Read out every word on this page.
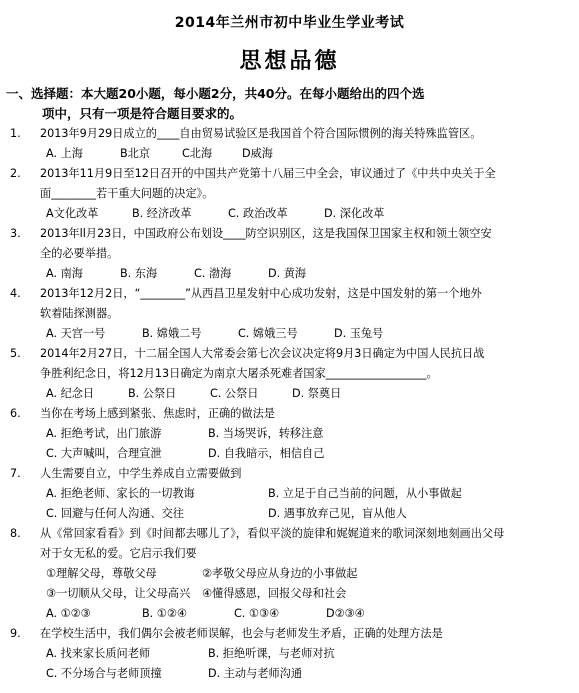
2014年兰州市初中毕业生学业考试
思想品德
一、选择题：本大题20小题，每小题2分，共40分。在每小题给出的四个选
项中，只有一项是符合题目要求的。
1. 2013年9月29日成立的____自由贸易试验区是我国首个符合国际惯例的海关特殊监管区。
A. 上海	B北京	C北海	D威海
2. 2013年11月9日至12日召开的中国共产党第十八届三中全会，审议通过了《中共中央关于全
面________若干重大问题的决定》。
A文化改革	B. 经济改革	C. 政治改革	D. 深化改革
3. 2013年ll月23日，中国政府公布划设____防空识别区，这是我国保卫国家主权和领土领空安
全的必要举措。
A. 南海	B. 东海	C. 渤海	D. 黄海
4. 2013年12月2日，“________”从西昌卫星发射中心成功发射，这是中国发射的第一个地外
软着陆探测器。
A. 天宫一号	B. 嫦娥二号	C. 嫦娥三号	D. 玉兔号
5. 2014年2月27日，十二届全国人大常委会第七次会议决定将9月3日确定为中国人民抗日战
争胜利纪念日，将12月13日确定为南京大屠杀死难者国家__________________。
A. 纪念日	B. 公祭日	C. 公祭日	D. 祭奠日
6. 当你在考场上感到紧张、焦虑时，正确的做法是
A. 拒绝考试，出门旅游	B. 当场哭诉，转移注意
C. 大声喊叫，合理宣泄	D. 自我暗示，相信自己
7. 人生需要自立，中学生养成自立需要做到
A. 拒绝老师、家长的一切教诲	B. 立足于自己当前的问题，从小事做起
C. 回避与任何人沟通、交往	D. 遇事放弃己见，盲从他人
8. 从《常回家看看》到《时间都去哪儿了》，看似平淡的旋律和娓娓道来的歌词深刻地刻画出父母
对于女无私的爱。它启示我们要
①理解父母，尊敬父母	②孝敬父母应从身边的小事做起
③一切顺从父母，让父母高兴 ④懂得感恩，回报父母和社会
A. ①②③	B. ①②④	C. ①③④	D②③④
9. 在学校生活中，我们偶尔会被老师误解，也会与老师发生矛盾，正确的处理方法是
A. 找来家长质问老师	B. 拒绝听课，与老师对抗
C. 不分场合与老师顶撞	D. 主动与老师沟通
